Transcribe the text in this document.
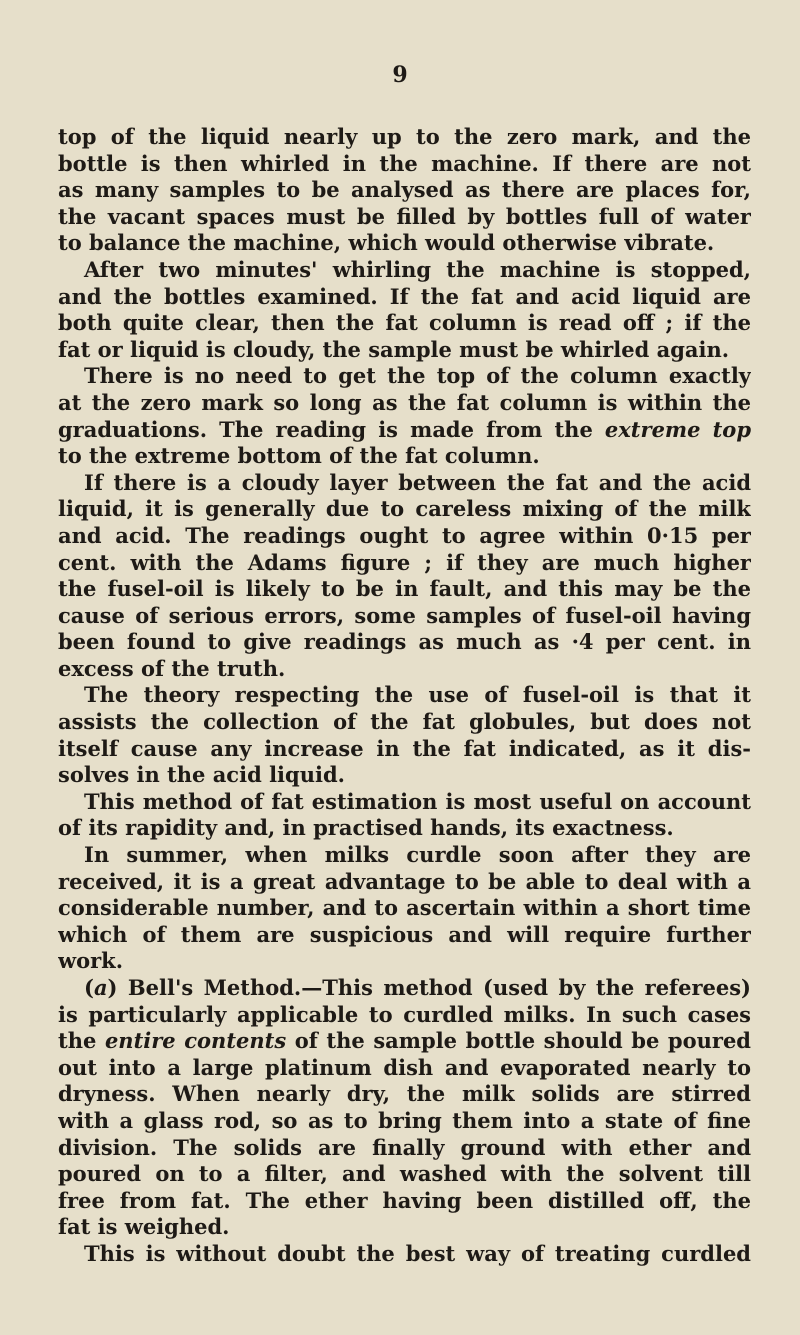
9
top of the liquid nearly up to the zero mark, and the
bottle is then whirled in the machine. If there are not
as many samples to be analysed as there are places for,
the vacant spaces must be filled by bottles full of water
to balance the machine, which would otherwise vibrate.
After two minutes' whirling the machine is stopped,
and the bottles examined. If the fat and acid liquid are
both quite clear, then the fat column is read off ; if the
fat or liquid is cloudy, the sample must be whirled again.
There is no need to get the top of the column exactly
at the zero mark so long as the fat column is within the
graduations. The reading is made from the extreme top
to the extreme bottom of the fat column.
If there is a cloudy layer between the fat and the acid
liquid, it is generally due to careless mixing of the milk
and acid. The readings ought to agree within 0·15 per
cent. with the Adams figure ; if they are much higher
the fusel-oil is likely to be in fault, and this may be the
cause of serious errors, some samples of fusel-oil having
been found to give readings as much as ·4 per cent. in
excess of the truth.
The theory respecting the use of fusel-oil is that it
assists the collection of the fat globules, but does not
itself cause any increase in the fat indicated, as it dis-
solves in the acid liquid.
This method of fat estimation is most useful on account
of its rapidity and, in practised hands, its exactness.
In summer, when milks curdle soon after they are
received, it is a great advantage to be able to deal with a
considerable number, and to ascertain within a short time
which of them are suspicious and will require further
work.
(a) Bell's Method.—This method (used by the referees)
is particularly applicable to curdled milks. In such cases
the entire contents of the sample bottle should be poured
out into a large platinum dish and evaporated nearly to
dryness. When nearly dry, the milk solids are stirred
with a glass rod, so as to bring them into a state of fine
division. The solids are finally ground with ether and
poured on to a filter, and washed with the solvent till
free from fat. The ether having been distilled off, the
fat is weighed.
This is without doubt the best way of treating curdled
